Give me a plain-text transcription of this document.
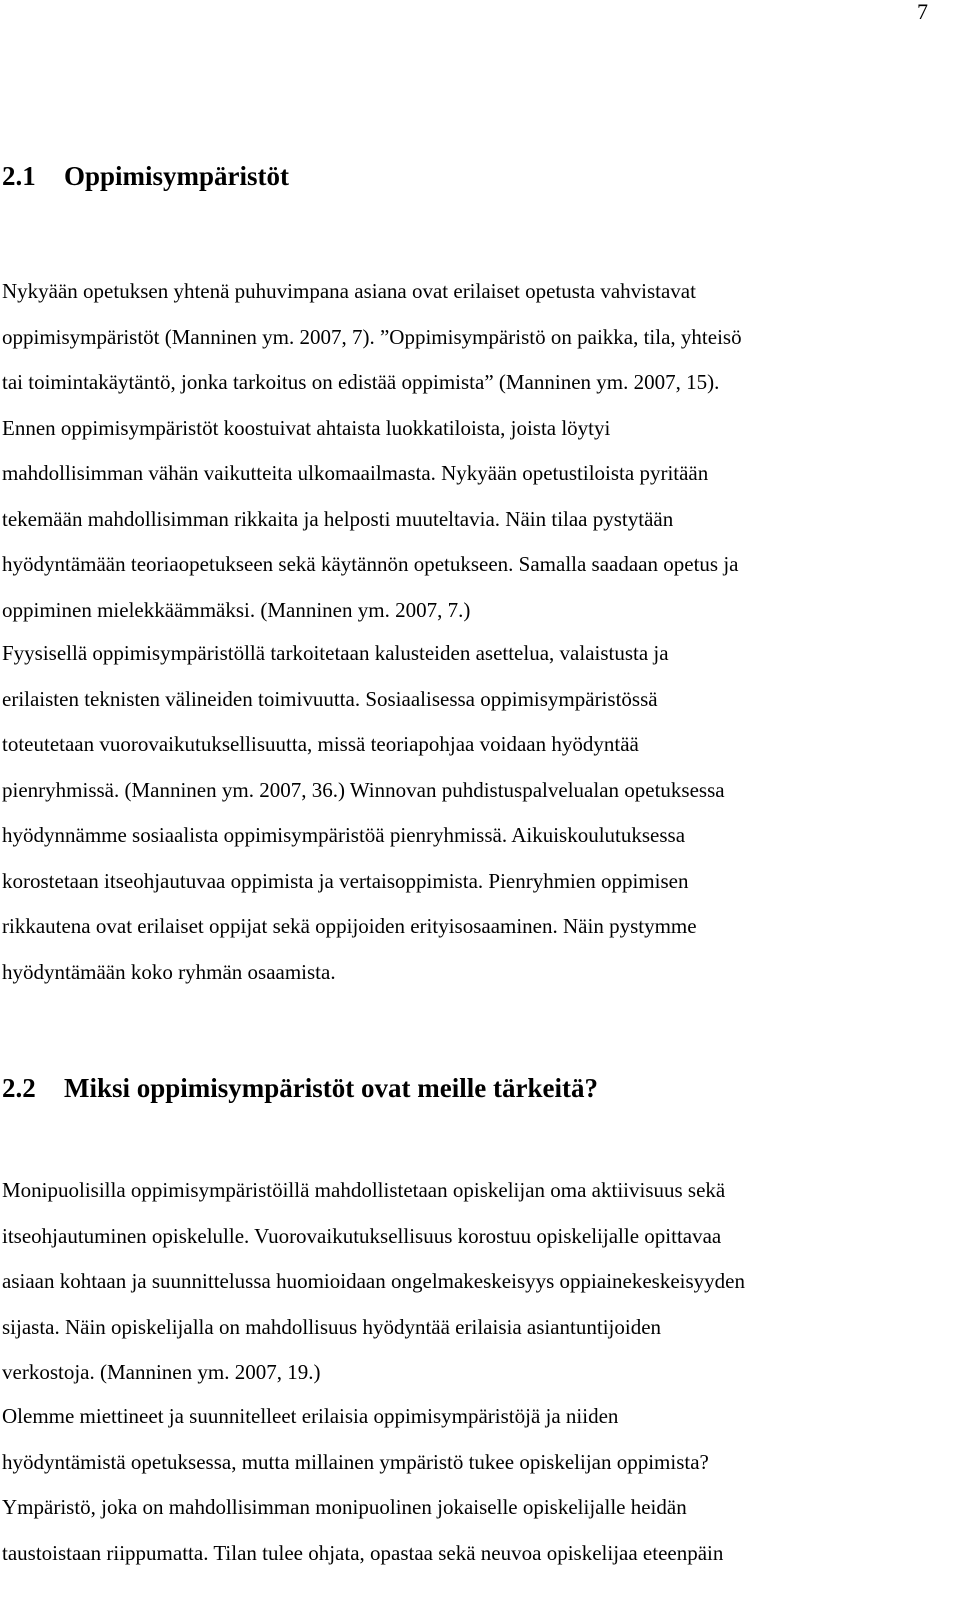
7
2.1 Oppimisympäristöt
Nykyään opetuksen yhtenä puhuvimpana asiana ovat erilaiset opetusta vahvistavat
oppimisympäristöt (Manninen ym. 2007, 7). ”Oppimisympäristö on paikka, tila, yhteisö
tai toimintakäytäntö, jonka tarkoitus on edistää oppimista” (Manninen ym. 2007, 15).
Ennen oppimisympäristöt koostuivat ahtaista luokkatiloista, joista löytyi
mahdollisimman vähän vaikutteita ulkomaailmasta. Nykyään opetustiloista pyritään
tekemään mahdollisimman rikkaita ja helposti muuteltavia. Näin tilaa pystytään
hyödyntämään teoriaopetukseen sekä käytännön opetukseen. Samalla saadaan opetus ja
oppiminen mielekkäämmäksi. (Manninen ym. 2007, 7.)
Fyysisellä oppimisympäristöllä tarkoitetaan kalusteiden asettelua, valaistusta ja
erilaisten teknisten välineiden toimivuutta. Sosiaalisessa oppimisympäristössä
toteutetaan vuorovaikutuksellisuutta, missä teoriapohjaa voidaan hyödyntää
pienryhmissä. (Manninen ym. 2007, 36.) Winnovan puhdistuspalvelualan opetuksessa
hyödynnämme sosiaalista oppimisympäristöä pienryhmissä. Aikuiskoulutuksessa
korostetaan itseohjautuvaa oppimista ja vertaisoppimista. Pienryhmien oppimisen
rikkautena ovat erilaiset oppijat sekä oppijoiden erityisosaaminen. Näin pystymme
hyödyntämään koko ryhmän osaamista.
2.2 Miksi oppimisympäristöt ovat meille tärkeitä?
Monipuolisilla oppimisympäristöillä mahdollistetaan opiskelijan oma aktiivisuus sekä
itseohjautuminen opiskelulle. Vuorovaikutuksellisuus korostuu opiskelijalle opittavaa
asiaan kohtaan ja suunnittelussa huomioidaan ongelmakeskeisyys oppiainekeskeisyyden
sijasta. Näin opiskelijalla on mahdollisuus hyödyntää erilaisia asiantuntijoiden
verkostoja. (Manninen ym. 2007, 19.)
Olemme miettineet ja suunnitelleet erilaisia oppimisympäristöjä ja niiden
hyödyntämistä opetuksessa, mutta millainen ympäristö tukee opiskelijan oppimista?
Ympäristö, joka on mahdollisimman monipuolinen jokaiselle opiskelijalle heidän
taustoistaan riippumatta. Tilan tulee ohjata, opastaa sekä neuvoa opiskelijaa eteenpäin
